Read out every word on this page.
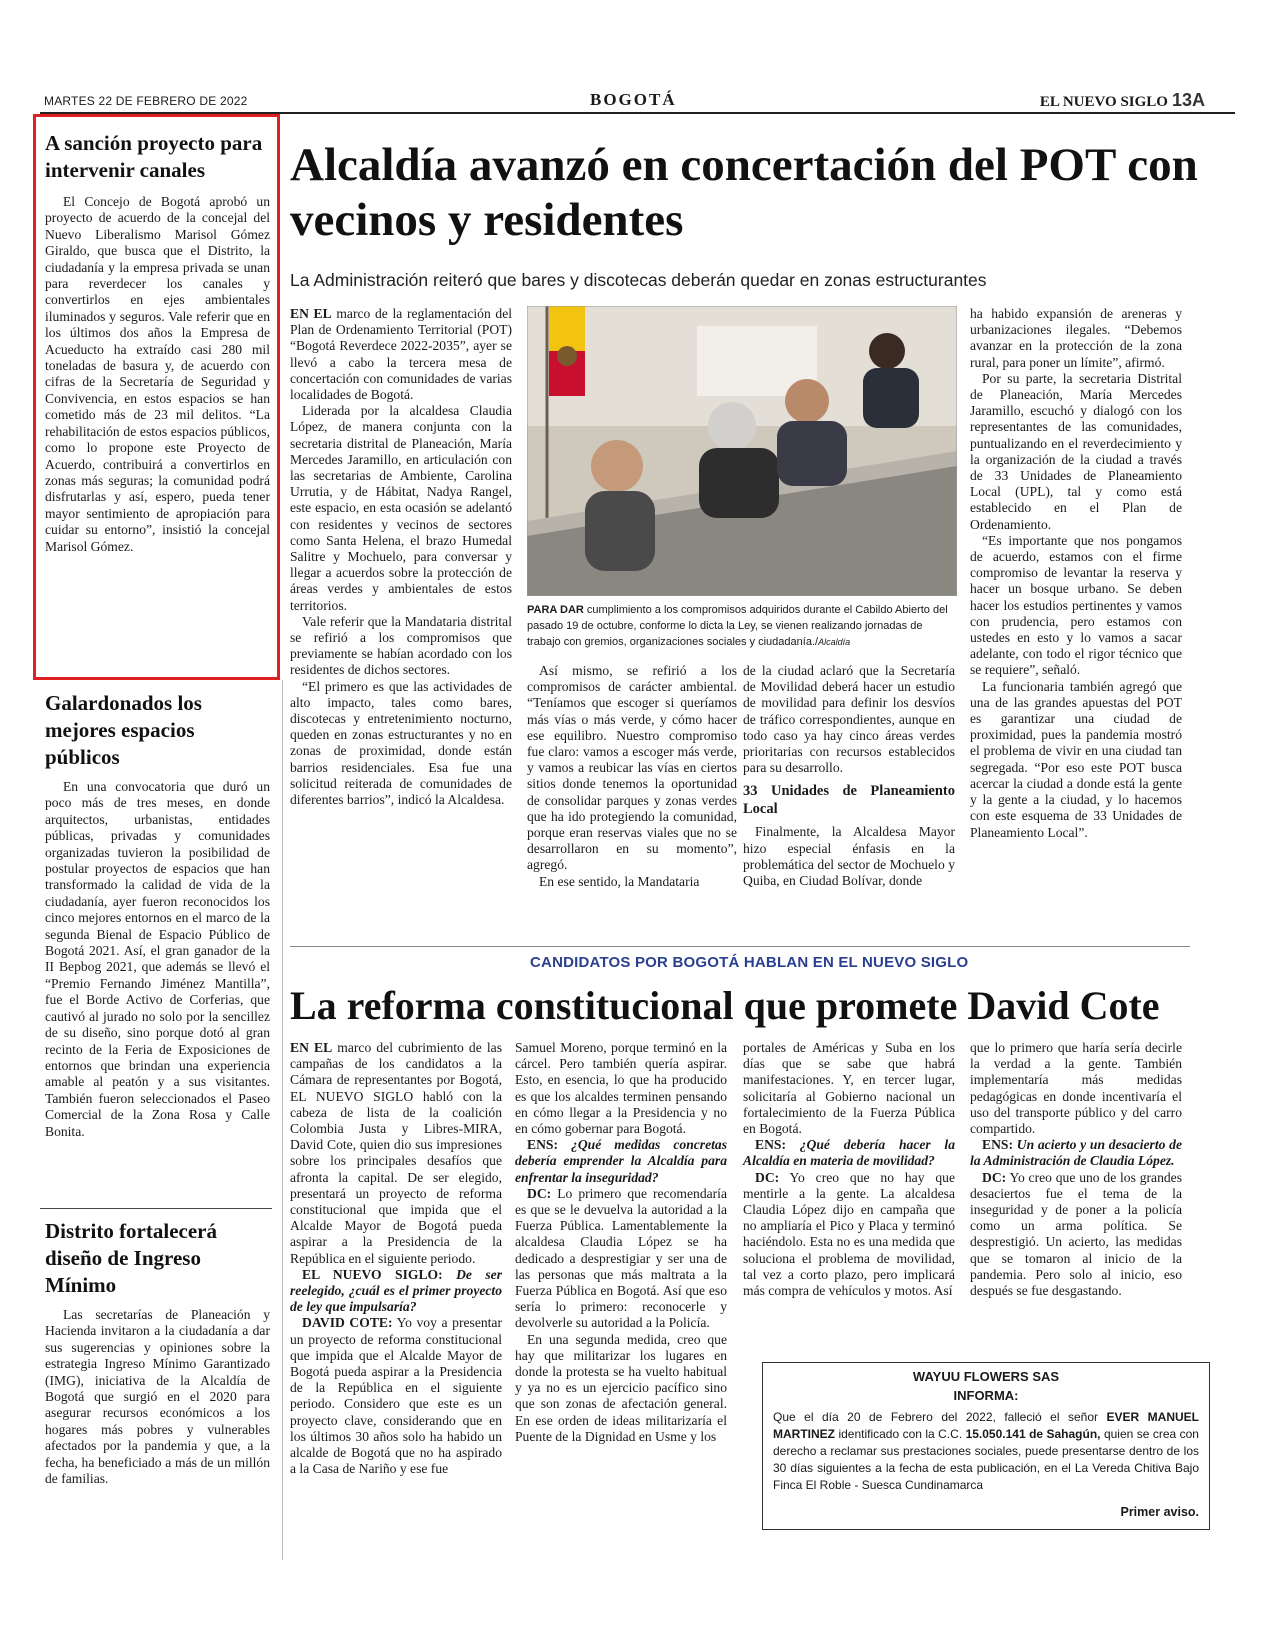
MARTES 22 DE FEBRERO DE 2022	BOGOTÁ	EL NUEVO SIGLO 13A
A sanción proyecto para intervenir canales
El Concejo de Bogotá aprobó un proyecto de acuerdo de la concejal del Nuevo Liberalismo Marisol Gómez Giraldo, que busca que el Distrito, la ciudadanía y la empresa privada se unan para reverdecer los canales y convertirlos en ejes ambientales iluminados y seguros. Vale referir que en los últimos dos años la Empresa de Acueducto ha extraído casi 280 mil toneladas de basura y, de acuerdo con cifras de la Secretaría de Seguridad y Convivencia, en estos espacios se han cometido más de 23 mil delitos. “La rehabilitación de estos espacios públicos, como lo propone este Proyecto de Acuerdo, contribuirá a convertirlos en zonas más seguras; la comunidad podrá disfrutarlas y así, espero, pueda tener mayor sentimiento de apropiación para cuidar su entorno”, insistió la concejal Marisol Gómez.
Galardonados los mejores espacios públicos
En una convocatoria que duró un poco más de tres meses, en donde arquitectos, urbanistas, entidades públicas, privadas y comunidades organizadas tuvieron la posibilidad de postular proyectos de espacios que han transformado la calidad de vida de la ciudadanía, ayer fueron reconocidos los cinco mejores entornos en el marco de la segunda Bienal de Espacio Público de Bogotá 2021. Así, el gran ganador de la II Bepbog 2021, que además se llevó el “Premio Fernando Jiménez Mantilla”, fue el Borde Activo de Corferias, que cautivó al jurado no solo por la sencillez de su diseño, sino porque dotó al gran recinto de la Feria de Exposiciones de entornos que brindan una experiencia amable al peatón y a sus visitantes. También fueron seleccionados el Paseo Comercial de la Zona Rosa y Calle Bonita.
Distrito fortalecerá diseño de Ingreso Mínimo
Las secretarías de Planeación y Hacienda invitaron a la ciudadanía a dar sus sugerencias y opiniones sobre la estrategia Ingreso Mínimo Garantizado (IMG), iniciativa de la Alcaldía de Bogotá que surgió en el 2020 para asegurar recursos económicos a los hogares más pobres y vulnerables afectados por la pandemia y que, a la fecha, ha beneficiado a más de un millón de familias.
Alcaldía avanzó en concertación del POT con vecinos y residentes
La Administración reiteró que bares y discotecas deberán quedar en zonas estructurantes

EN EL marco de la reglamentación del Plan de Ordenamiento Territorial (POT) “Bogotá Reverdece 2022-2035”, ayer se llevó a cabo la tercera mesa de concertación con comunidades de varias localidades de Bogotá.

Liderada por la alcaldesa Claudia López, de manera conjunta con la secretaria distrital de Planeación, María Mercedes Jaramillo, en articulación con las secretarias de Ambiente, Carolina Urrutia, y de Hábitat, Nadya Rangel, este espacio, en esta ocasión se adelantó con residentes y vecinos de sectores como Santa Helena, el brazo Humedal Salitre y Mochuelo, para conversar y llegar a acuerdos sobre la protección de áreas verdes y ambientales de estos territorios.

Vale referir que la Mandataria distrital se refirió a los compromisos que previamente se habían acordado con los residentes de dichos sectores.

“El primero es que las actividades de alto impacto, tales como bares, discotecas y entretenimiento nocturno, queden en zonas estructurantes y no en zonas de proximidad, donde están barrios residenciales. Esa fue una solicitud reiterada de comunidades de diferentes barrios”, indicó la Alcaldesa.

PARA DAR cumplimiento a los compromisos adquiridos durante el Cabildo Abierto del pasado 19 de octubre, conforme lo dicta la Ley, se vienen realizando jornadas de trabajo con gremios, organizaciones sociales y ciudadanía./Alcaldía

Así mismo, se refirió a los compromisos de carácter ambiental. “Teníamos que escoger si queríamos más vías o más verde, y cómo hacer ese equilibro. Nuestro compromiso fue claro: vamos a escoger más verde, y vamos a reubicar las vías en ciertos sitios donde tenemos la oportunidad de consolidar parques y zonas verdes que ha ido protegiendo la comunidad, porque eran reservas viales que no se desarrollaron en su momento”, agregó.

En ese sentido, la Mandataria

de la ciudad aclaró que la Secretaría de Movilidad deberá hacer un estudio de movilidad para definir los desvíos de tráfico correspondientes, aunque en todo caso ya hay cinco áreas verdes prioritarias con recursos establecidos para su desarrollo.

33 Unidades de Planeamiento Local

Finalmente, la Alcaldesa Mayor hizo especial énfasis en la problemática del sector de Mochuelo y Quiba, en Ciudad Bolívar, donde

ha habido expansión de areneras y urbanizaciones ilegales. “Debemos avanzar en la protección de la zona rural, para poner un límite”, afirmó.

Por su parte, la secretaria Distrital de Planeación, María Mercedes Jaramillo, escuchó y dialogó con los representantes de las comunidades, puntualizando en el reverdecimiento y la organización de la ciudad a través de 33 Unidades de Planeamiento Local (UPL), tal y como está establecido en el Plan de Ordenamiento.

“Es importante que nos pongamos de acuerdo, estamos con el firme compromiso de levantar la reserva y hacer un bosque urbano. Se deben hacer los estudios pertinentes y vamos con prudencia, pero estamos con ustedes en esto y lo vamos a sacar adelante, con todo el rigor técnico que se requiere”, señaló.

La funcionaria también agregó que una de las grandes apuestas del POT es garantizar una ciudad de proximidad, pues la pandemia mostró el problema de vivir en una ciudad tan segregada. “Por eso este POT busca acercar la ciudad a donde está la gente y la gente a la ciudad, y lo hacemos con este esquema de 33 Unidades de Planeamiento Local”.

CANDIDATOS POR BOGOTÁ HABLAN EN EL NUEVO SIGLO
La reforma constitucional que promete David Cote

EN EL marco del cubrimiento de las campañas de los candidatos a la Cámara de representantes por Bogotá, EL NUEVO SIGLO habló con la cabeza de lista de la coalición Colombia Justa y Libres-MIRA, David Cote, quien dio sus impresiones sobre los principales desafíos que afronta la capital. De ser elegido, presentará un proyecto de reforma constitucional que impida que el Alcalde Mayor de Bogotá pueda aspirar a la Presidencia de la República en el siguiente periodo.

EL NUEVO SIGLO: De ser reelegido, ¿cuál es el primer proyecto de ley que impulsaría?

DAVID COTE: Yo voy a presentar un proyecto de reforma constitucional que impida que el Alcalde Mayor de Bogotá pueda aspirar a la Presidencia de la República en el siguiente periodo. Considero que este es un proyecto clave, considerando que en los últimos 30 años solo ha habido un alcalde de Bogotá que no ha aspirado a la Casa de Nariño y ese fue

Samuel Moreno, porque terminó en la cárcel. Pero también quería aspirar. Esto, en esencia, lo que ha producido es que los alcaldes terminen pensando en cómo llegar a la Presidencia y no en cómo gobernar para Bogotá.

ENS: ¿Qué medidas concretas debería emprender la Alcaldía para enfrentar la inseguridad?

DC: Lo primero que recomendaría es que se le devuelva la autoridad a la Fuerza Pública. Lamentablemente la alcaldesa Claudia López se ha dedicado a desprestigiar y ser una de las personas que más maltrata a la Fuerza Pública en Bogotá. Así que eso sería lo primero: reconocerle y devolverle su autoridad a la Policía.

En una segunda medida, creo que hay que militarizar los lugares en donde la protesta se ha vuelto habitual y ya no es un ejercicio pacífico sino que son zonas de afectación general. En ese orden de ideas militarizaría el Puente de la Dignidad en Usme y los

portales de Américas y Suba en los días que se sabe que habrá manifestaciones. Y, en tercer lugar, solicitaría al Gobierno nacional un fortalecimiento de la Fuerza Pública en Bogotá.

ENS: ¿Qué debería hacer la Alcaldía en materia de movilidad?

DC: Yo creo que no hay que mentirle a la gente. La alcaldesa Claudia López dijo en campaña que no ampliaría el Pico y Placa y terminó haciéndolo. Esta no es una medida que soluciona el problema de movilidad, tal vez a corto plazo, pero implicará más compra de vehículos y motos. Así

que lo primero que haría sería decirle la verdad a la gente. También implementaría más medidas pedagógicas en donde incentivaría el uso del transporte público y del carro compartido.

ENS: Un acierto y un desacierto de la Administración de Claudia López.

DC: Yo creo que uno de los grandes desaciertos fue el tema de la inseguridad y de poner a la policía como un arma política. Se desprestigió. Un acierto, las medidas que se tomaron al inicio de la pandemia. Pero solo al inicio, eso después se fue desgastando.

WAYUU FLOWERS SAS
INFORMA:
Que el día 20 de Febrero del 2022, falleció el señor EVER MANUEL MARTINEZ identificado con la C.C. 15.050.141 de Sahagún, quien se crea con derecho a reclamar sus prestaciones sociales, puede presentarse dentro de los 30 días siguientes a la fecha de esta publicación, en el La Vereda Chitiva Bajo Finca El Roble - Suesca Cundinamarca
Primer aviso.
